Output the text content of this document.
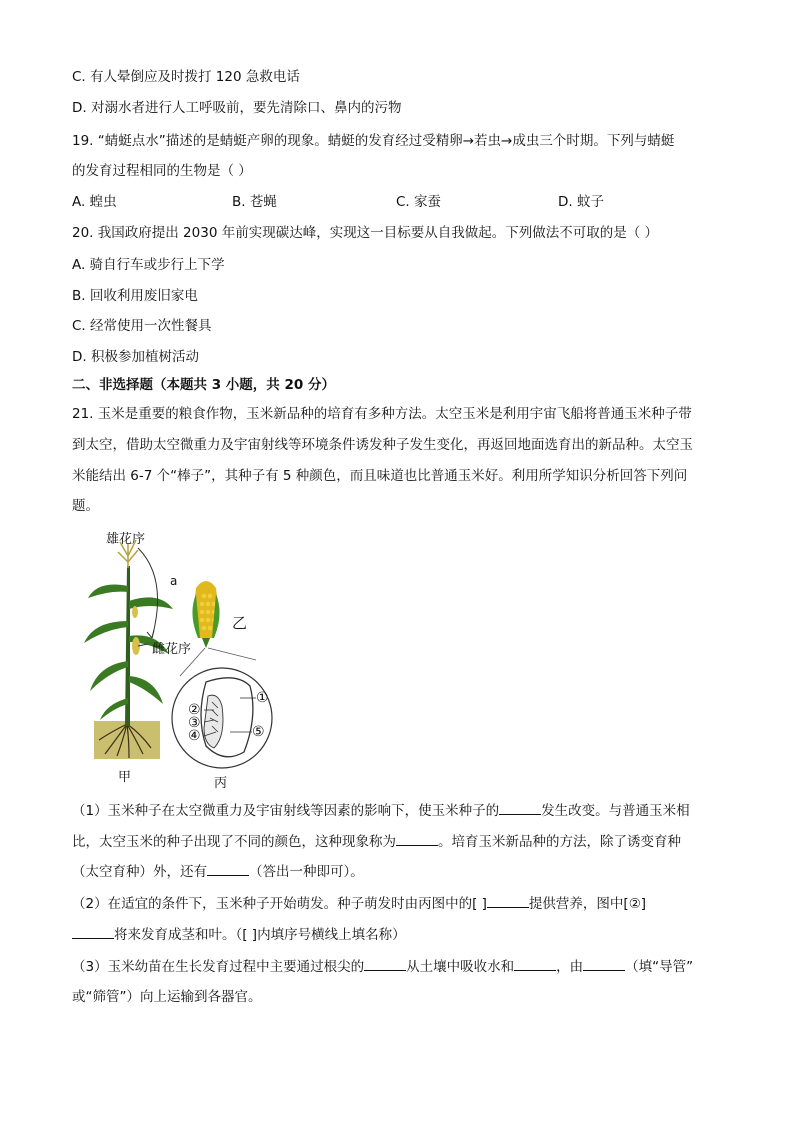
C. 有人晕倒应及时拨打 120 急救电话
D. 对溺水者进行人工呼吸前，要先清除口、鼻内的污物
19. “蜻蜓点水”描述的是蜻蜓产卵的现象。蜻蜓的发育经过受精卵→若虫→成虫三个时期。下列与蜻蜓
的发育过程相同的生物是（ ）
A. 蝗虫	B. 苍蝇	C. 家蚕	D. 蚊子
20. 我国政府提出 2030 年前实现碳达峰，实现这一目标要从自我做起。下列做法不可取的是（ ）
A. 骑自行车或步行上下学
B. 回收利用废旧家电
C. 经常使用一次性餐具
D. 积极参加植树活动
二、非选择题（本题共 3 小题，共 20 分）
21. 玉米是重要的粮食作物，玉米新品种的培育有多种方法。太空玉米是利用宇宙飞船将普通玉米种子带
到太空，借助太空微重力及宇宙射线等环境条件诱发种子发生变化，再返回地面选育出的新品种。太空玉
米能结出 6-7 个“棒子”，其种子有 5 种颜色，而且味道也比普通玉米好。利用所学知识分析回答下列问
题。
雄花序
a
雌花序
乙
甲	丙
①
②
③
④	⑤
（1）玉米种子在太空微重力及宇宙射线等因素的影响下，使玉米种子的	发生改变。与普通玉米相
比，太空玉米的种子出现了不同的颜色，这种现象称为	。培育玉米新品种的方法，除了诱变育种
（太空育种）外，还有	（答出一种即可）。
（2）在适宜的条件下，玉米种子开始萌发。种子萌发时由丙图中的[ ]	提供营养，图中[②]
将来发育成茎和叶。（[ ]内填序号横线上填名称）
（3）玉米幼苗在生长发育过程中主要通过根尖的	从土壤中吸收水和	，由	（填“导管”
或“筛管”）向上运输到各器官。
